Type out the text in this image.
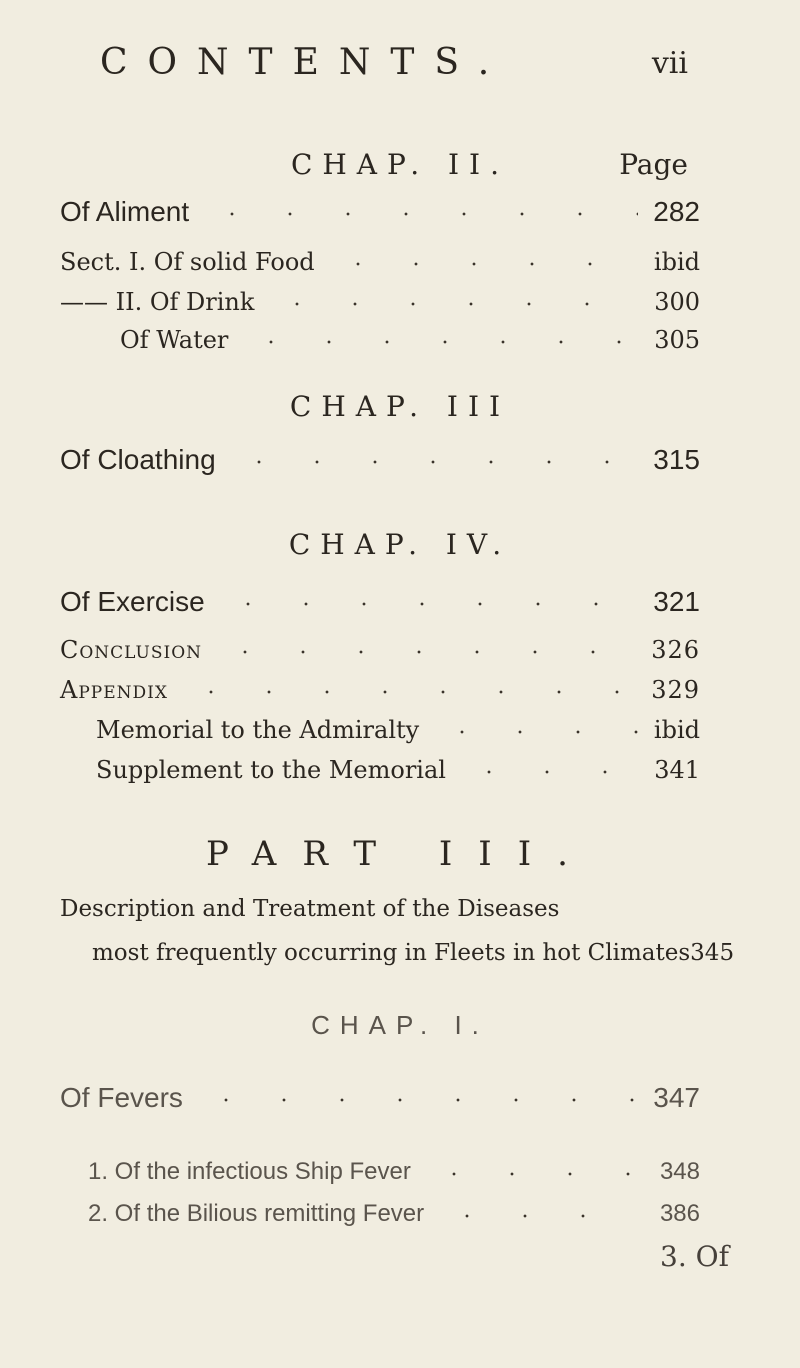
CONTENTS.	vii
CHAP. II.	Page
Of Aliment	282
Sect. I. Of solid Food	ibid
—— II. Of Drink	300
Of Water	305
CHAP. III
Of Cloathing	315
CHAP. IV.
Of Exercise	321
Conclusion	326
Appendix	329
Memorial to the Admiralty	ibid
Supplement to the Memorial	341
PART III.
Description and Treatment of the Diseases
most frequently occurring in Fleets in hot Climates 345
CHAP. I.
Of Fevers	347
1. Of the infectious Ship Fever	348
2. Of the Bilious remitting Fever	386
3. Of
